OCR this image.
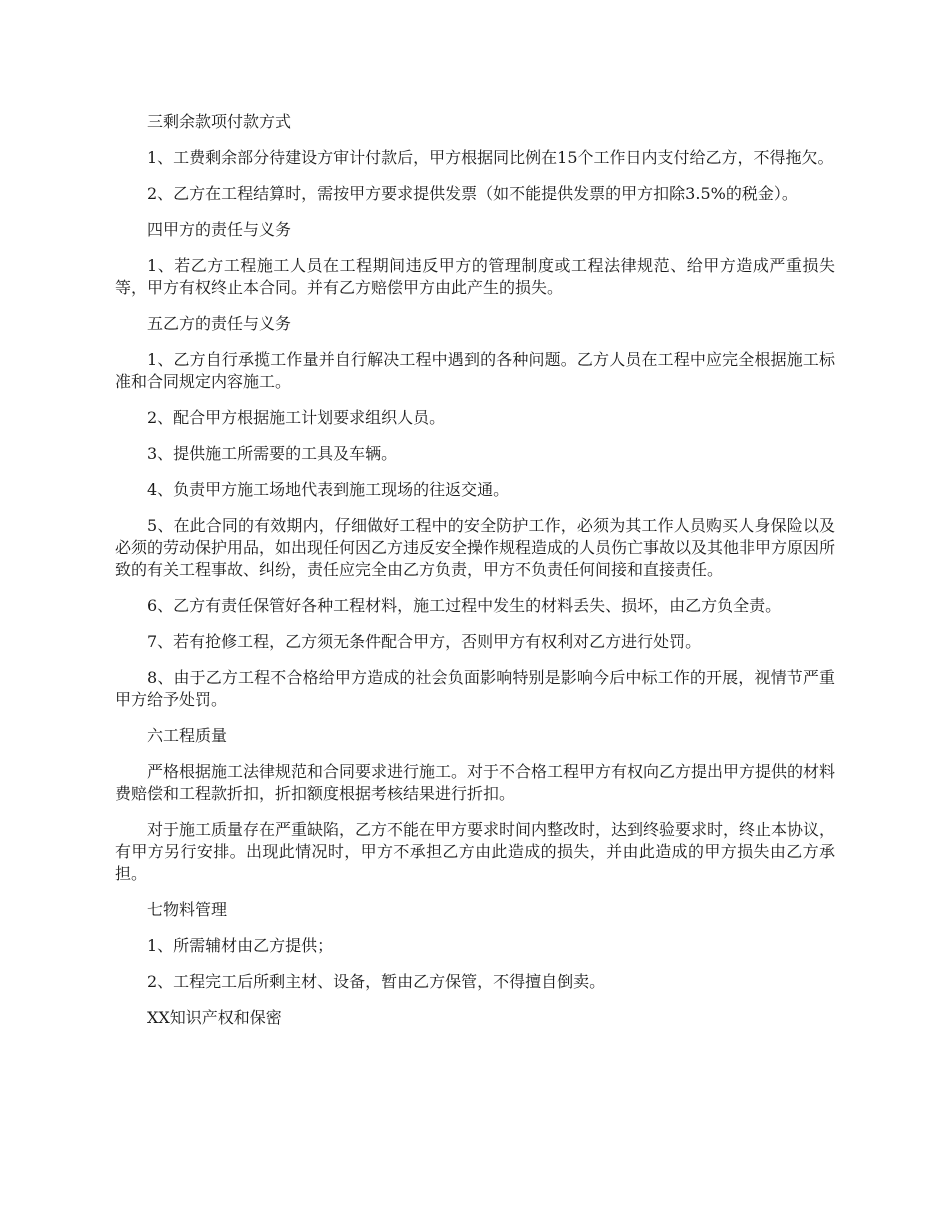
三剩余款项付款方式

1、工费剩余部分待建设方审计付款后，甲方根据同比例在15个工作日内支付给乙方，不得拖欠。

2、乙方在工程结算时，需按甲方要求提供发票（如不能提供发票的甲方扣除3.5%的税金）。

四甲方的责任与义务

1、若乙方工程施工人员在工程期间违反甲方的管理制度或工程法律规范、给甲方造成严重损失等，甲方有权终止本合同。并有乙方赔偿甲方由此产生的损失。

五乙方的责任与义务

1、乙方自行承揽工作量并自行解决工程中遇到的各种问题。乙方人员在工程中应完全根据施工标准和合同规定内容施工。

2、配合甲方根据施工计划要求组织人员。

3、提供施工所需要的工具及车辆。

4、负责甲方施工场地代表到施工现场的往返交通。

5、在此合同的有效期内，仔细做好工程中的安全防护工作，必须为其工作人员购买人身保险以及必须的劳动保护用品，如出现任何因乙方违反安全操作规程造成的人员伤亡事故以及其他非甲方原因所致的有关工程事故、纠纷，责任应完全由乙方负责，甲方不负责任何间接和直接责任。

6、乙方有责任保管好各种工程材料，施工过程中发生的材料丢失、损坏，由乙方负全责。

7、若有抢修工程，乙方须无条件配合甲方，否则甲方有权利对乙方进行处罚。

8、由于乙方工程不合格给甲方造成的社会负面影响特别是影响今后中标工作的开展，视情节严重甲方给予处罚。

六工程质量

严格根据施工法律规范和合同要求进行施工。对于不合格工程甲方有权向乙方提出甲方提供的材料费赔偿和工程款折扣，折扣额度根据考核结果进行折扣。

对于施工质量存在严重缺陷，乙方不能在甲方要求时间内整改时，达到终验要求时，终止本协议，有甲方另行安排。出现此情况时，甲方不承担乙方由此造成的损失，并由此造成的甲方损失由乙方承担。

七物料管理

1、所需辅材由乙方提供；

2、工程完工后所剩主材、设备，暂由乙方保管，不得擅自倒卖。

XX知识产权和保密
